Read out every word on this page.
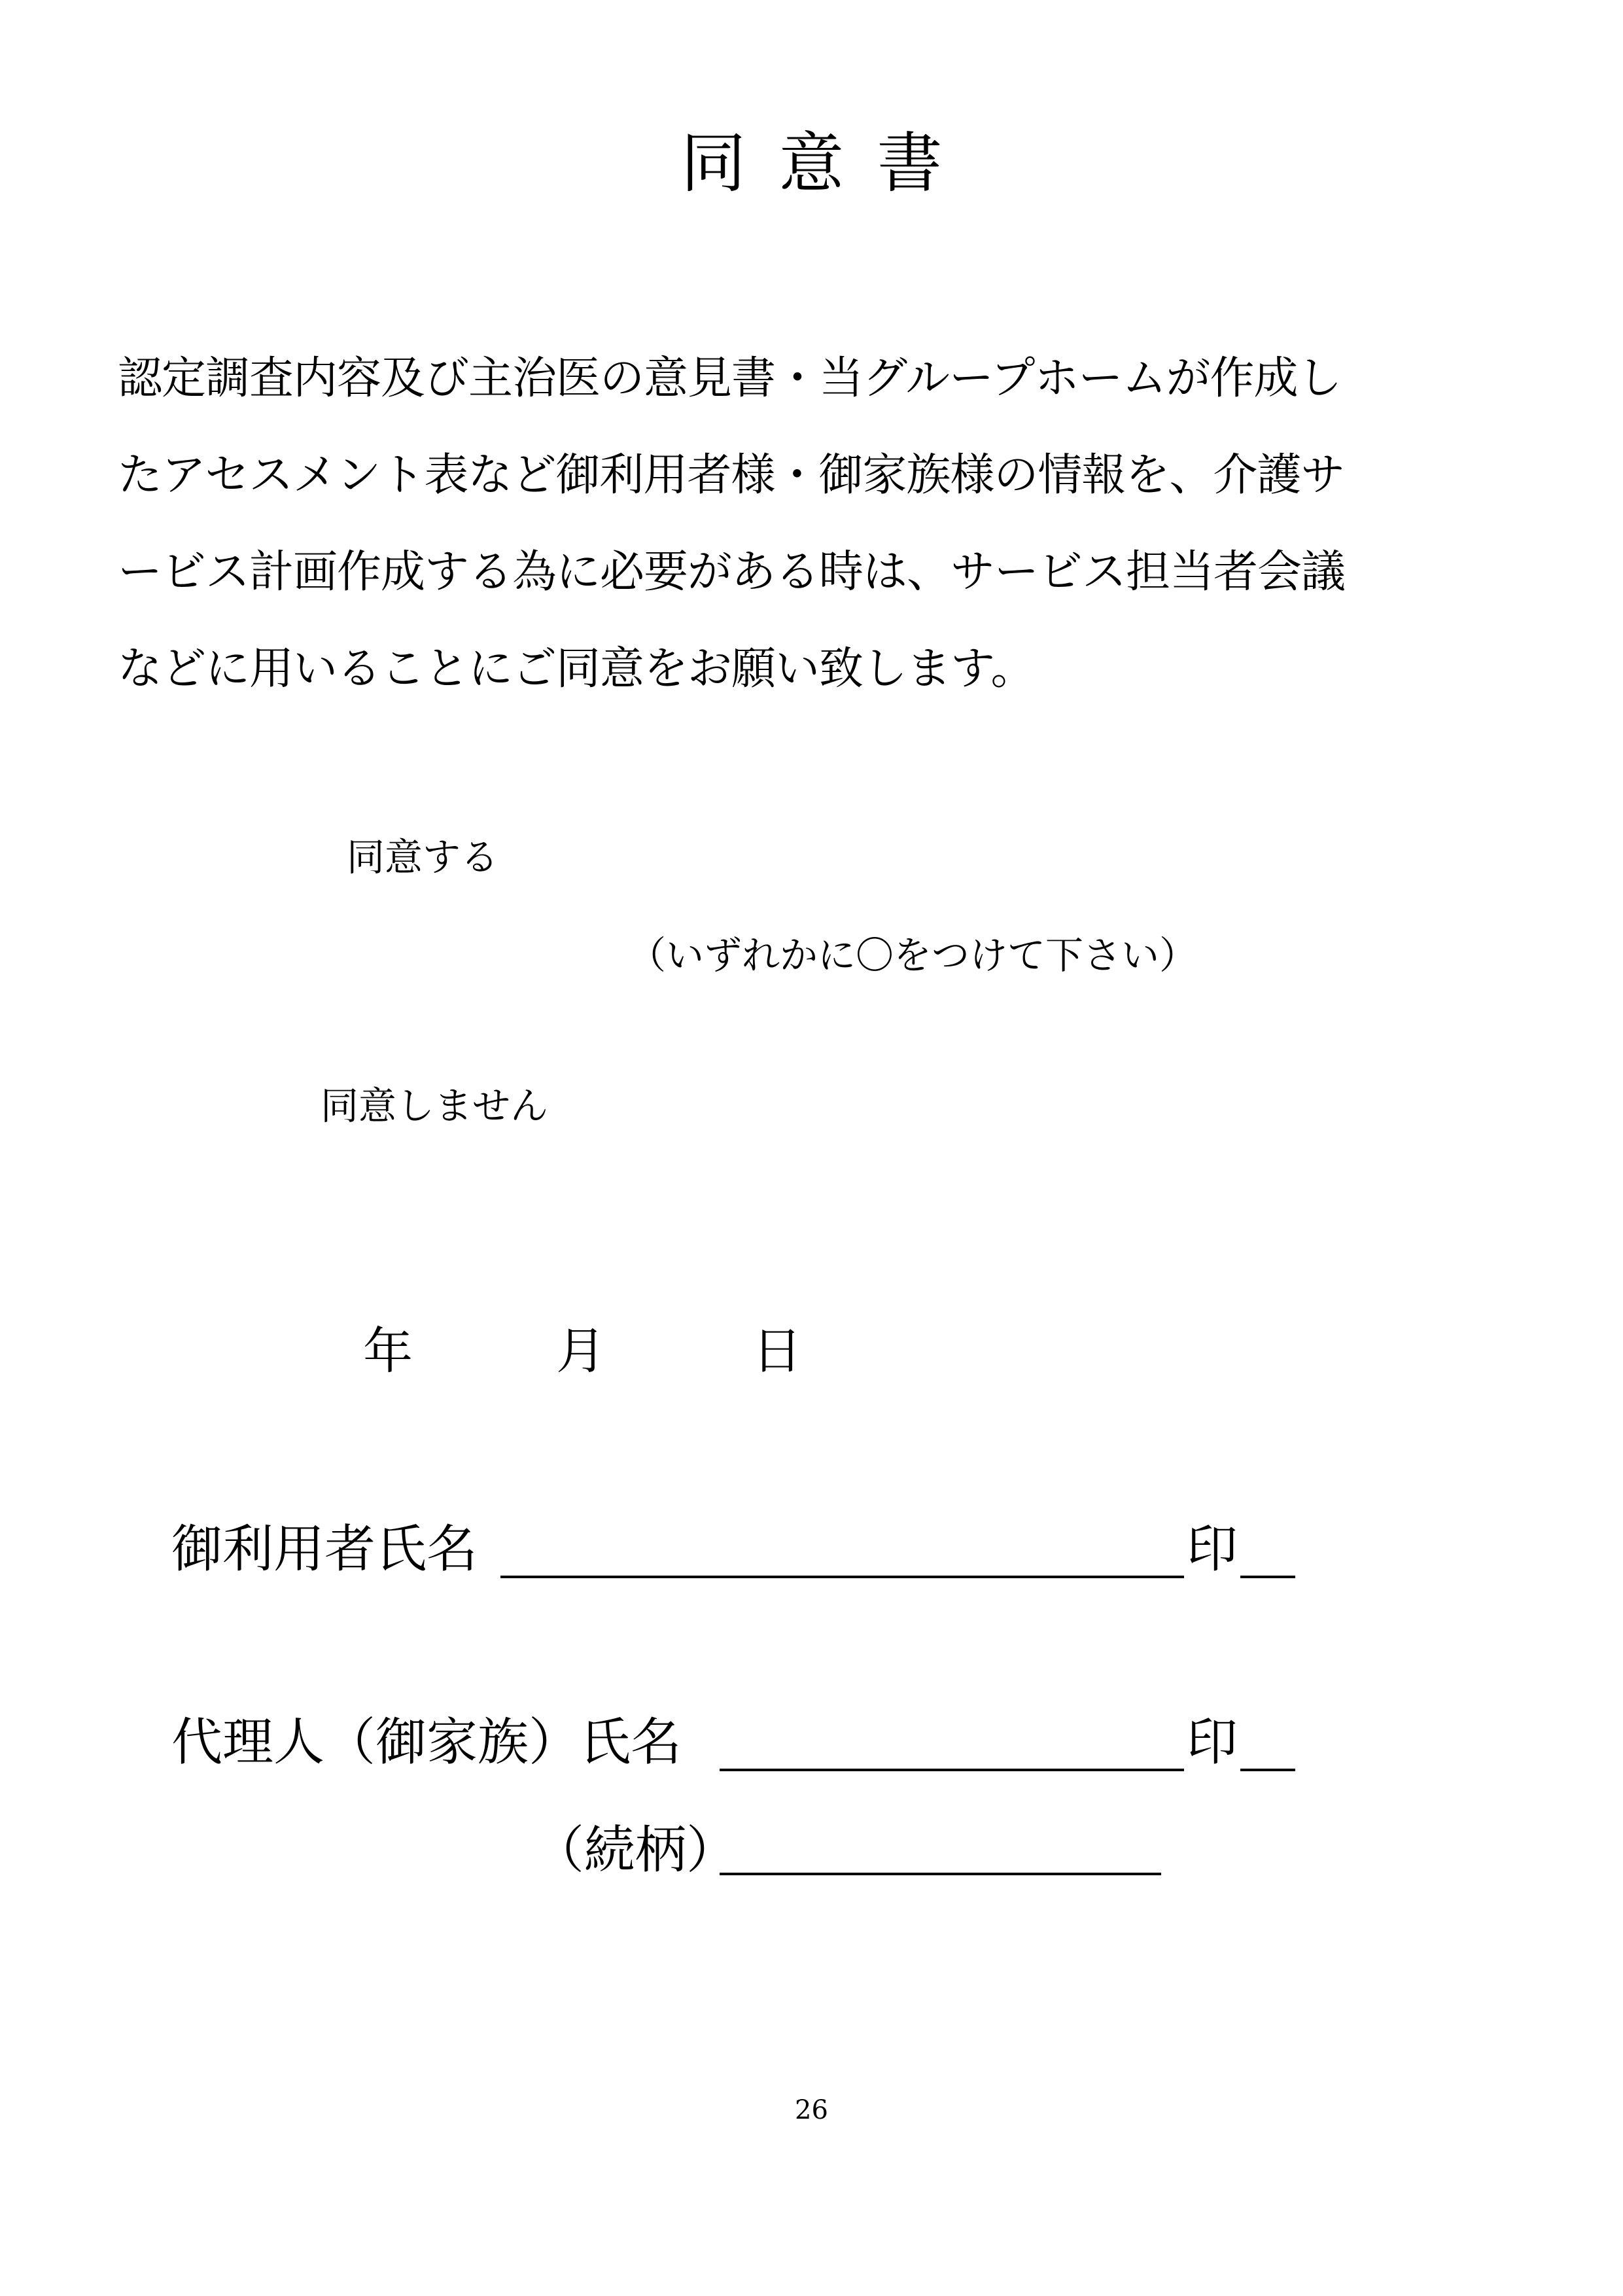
同意書
認定調査内容及び主治医の意見書・当グループホームが作成し
たアセスメント表など御利用者様・御家族様の情報を、介護サ
ービス計画作成する為に必要がある時は、サービス担当者会議
などに用いることにご同意をお願い致します。
同意する
（いずれかに〇をつけて下さい）
同意しません
年	月	日
御利用者氏名	印
代理人（御家族）氏名	印
（続柄）
26
